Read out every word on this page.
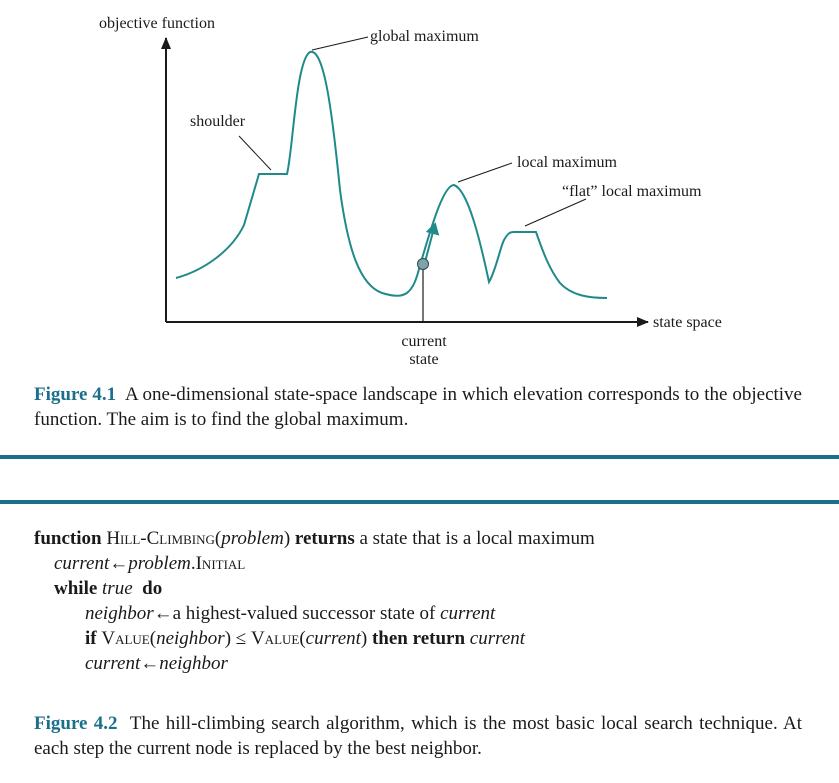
objective function
global maximum
shoulder
local maximum
“flat” local maximum
state space
current
state
Figure 4.1 A one-dimensional state-space landscape in which elevation corresponds to the objective function. The aim is to find the global maximum.
function Hill-Climbing(problem) returns a state that is a local maximum
current←problem.Initial
while true do
neighbor←a highest-valued successor state of current
if Value(neighbor) ≤ Value(current) then return current
current←neighbor
Figure 4.2 The hill-climbing search algorithm, which is the most basic local search technique. At each step the current node is replaced by the best neighbor.
